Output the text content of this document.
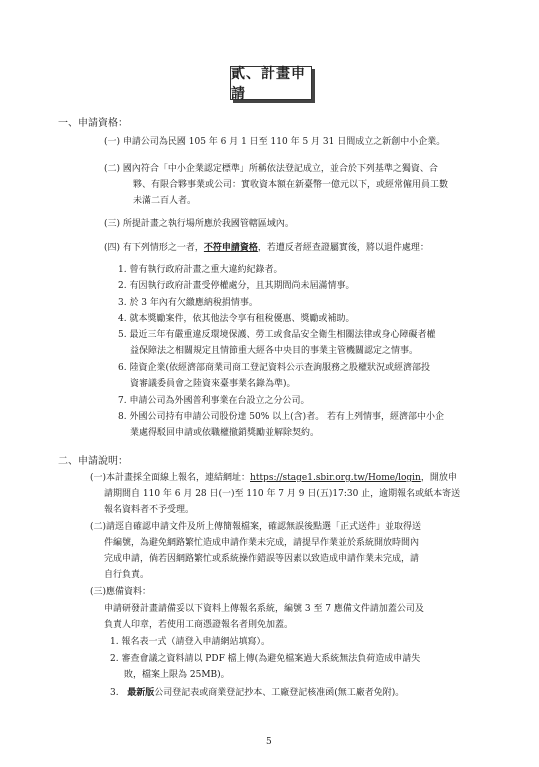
貳、計畫申請
一、申請資格：
(一) 申請公司為民國 105 年 6 月 1 日至 110 年 5 月 31 日間成立之新創中小企業。
(二) 國內符合「中小企業認定標準」所稱依法登記成立，並合於下列基準之獨資、合
夥、有限合夥事業或公司：實收資本額在新臺幣一億元以下，或經常僱用員工數
未滿二百人者。
(三) 所提計畫之執行場所應於我國管轄區域內。
(四) 有下列情形之一者，不符申請資格，若遭反者經查證屬實後，將以退件處理：
1. 曾有執行政府計畫之重大違約紀錄者。
2. 有因執行政府計畫受停權處分，且其期間尚未屆滿情事。
3. 於 3 年內有欠繳應納稅捐情事。
4. 就本獎勵案件，依其他法令享有租稅優惠、獎勵或補助。
5. 最近三年有嚴重違反環境保護、勞工或食品安全衛生相關法律或身心障礙者權
益保障法之相關規定且情節重大經各中央目的事業主管機關認定之情事。
6. 陸資企業(依經濟部商業司商工登記資料公示查詢服務之股權狀況或經濟部投
資審議委員會之陸資來臺事業名錄為準)。
7. 申請公司為外國普利事業在台設立之分公司。
8. 外國公司持有申請公司股份達 50% 以上(含)者。 若有上列情事，經濟部中小企
業處得駁回申請或依職權撤銷獎勵並解除契約。
二、申請說明：
(一)本計畫採全面線上報名，連結網址：https://stage1.sbir.org.tw/Home/login，開放申
請期間自 110 年 6 月 28 日(一)至 110 年 7 月 9 日(五)17:30 止，逾期報名或紙本寄送
報名資料者不予受理。
(二)請逕自確認申請文件及所上傳簡報檔案，確認無誤後點選「正式送件」並取得送
件編號，為避免網路繁忙造成申請作業未完成，請提早作業並於系統開放時間內
完成申請，倘若因網路繁忙或系統操作錯誤等因素以致造成申請作業未完成，請
自行負責。
(三)應備資料：
申請研發計畫請備妥以下資料上傳報名系統，編號 3 至 7 應備文件請加蓋公司及
負責人印章，若使用工商憑證報名者則免加蓋。
1. 報名表一式（請登入申請網站填寫）。
2. 審查會議之資料請以 PDF 檔上傳(為避免檔案過大系統無法負荷造成申請失
敗，檔案上限為 25MB)。
3. 最新版公司登記表或商業登記抄本、工廠登記核准函(無工廠者免附)。
5
